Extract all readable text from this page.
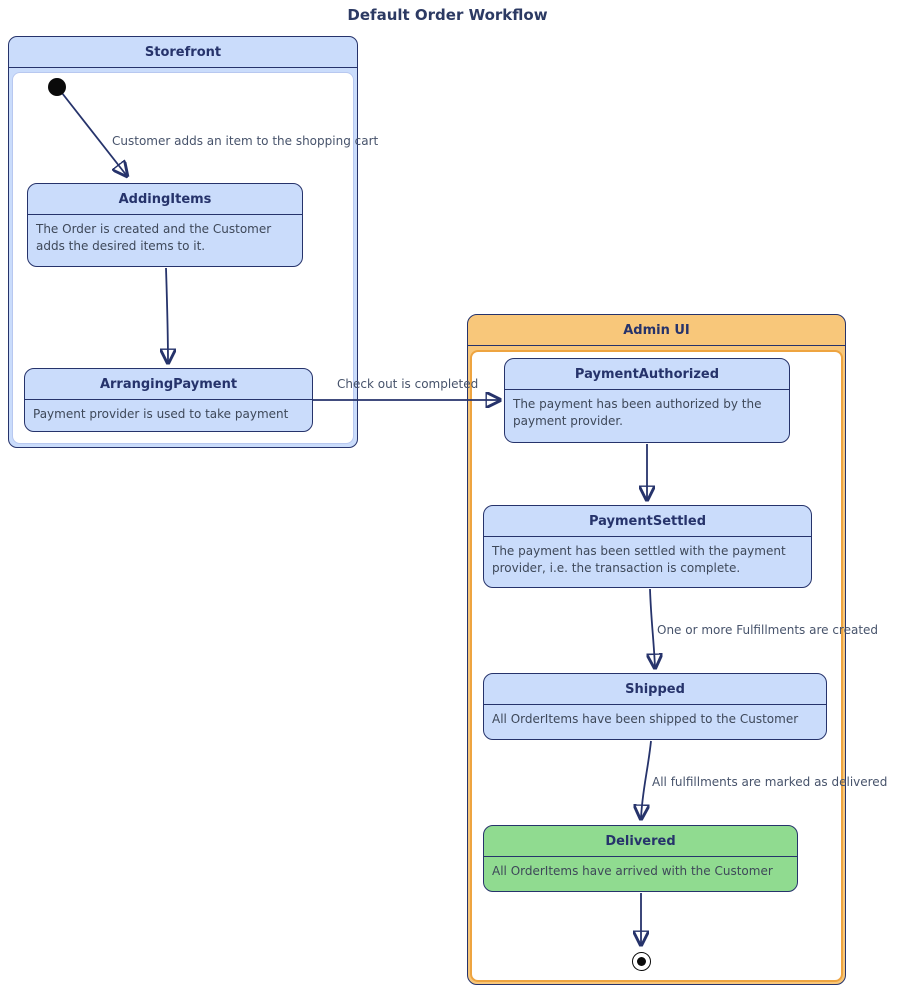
Default Order Workflow
Storefront
Admin UI
AddingItems
The Order is created and the Customer adds the desired items to it.
ArrangingPayment
Payment provider is used to take payment
PaymentAuthorized
The payment has been authorized by the payment provider.
PaymentSettled
The payment has been settled with the payment provider, i.e. the transaction is complete.
Shipped
All OrderItems have been shipped to the Customer
Delivered
All OrderItems have arrived with the Customer
Customer adds an item to the shopping cart
Check out is completed
One or more Fulfillments are created
All fulfillments are marked as delivered
